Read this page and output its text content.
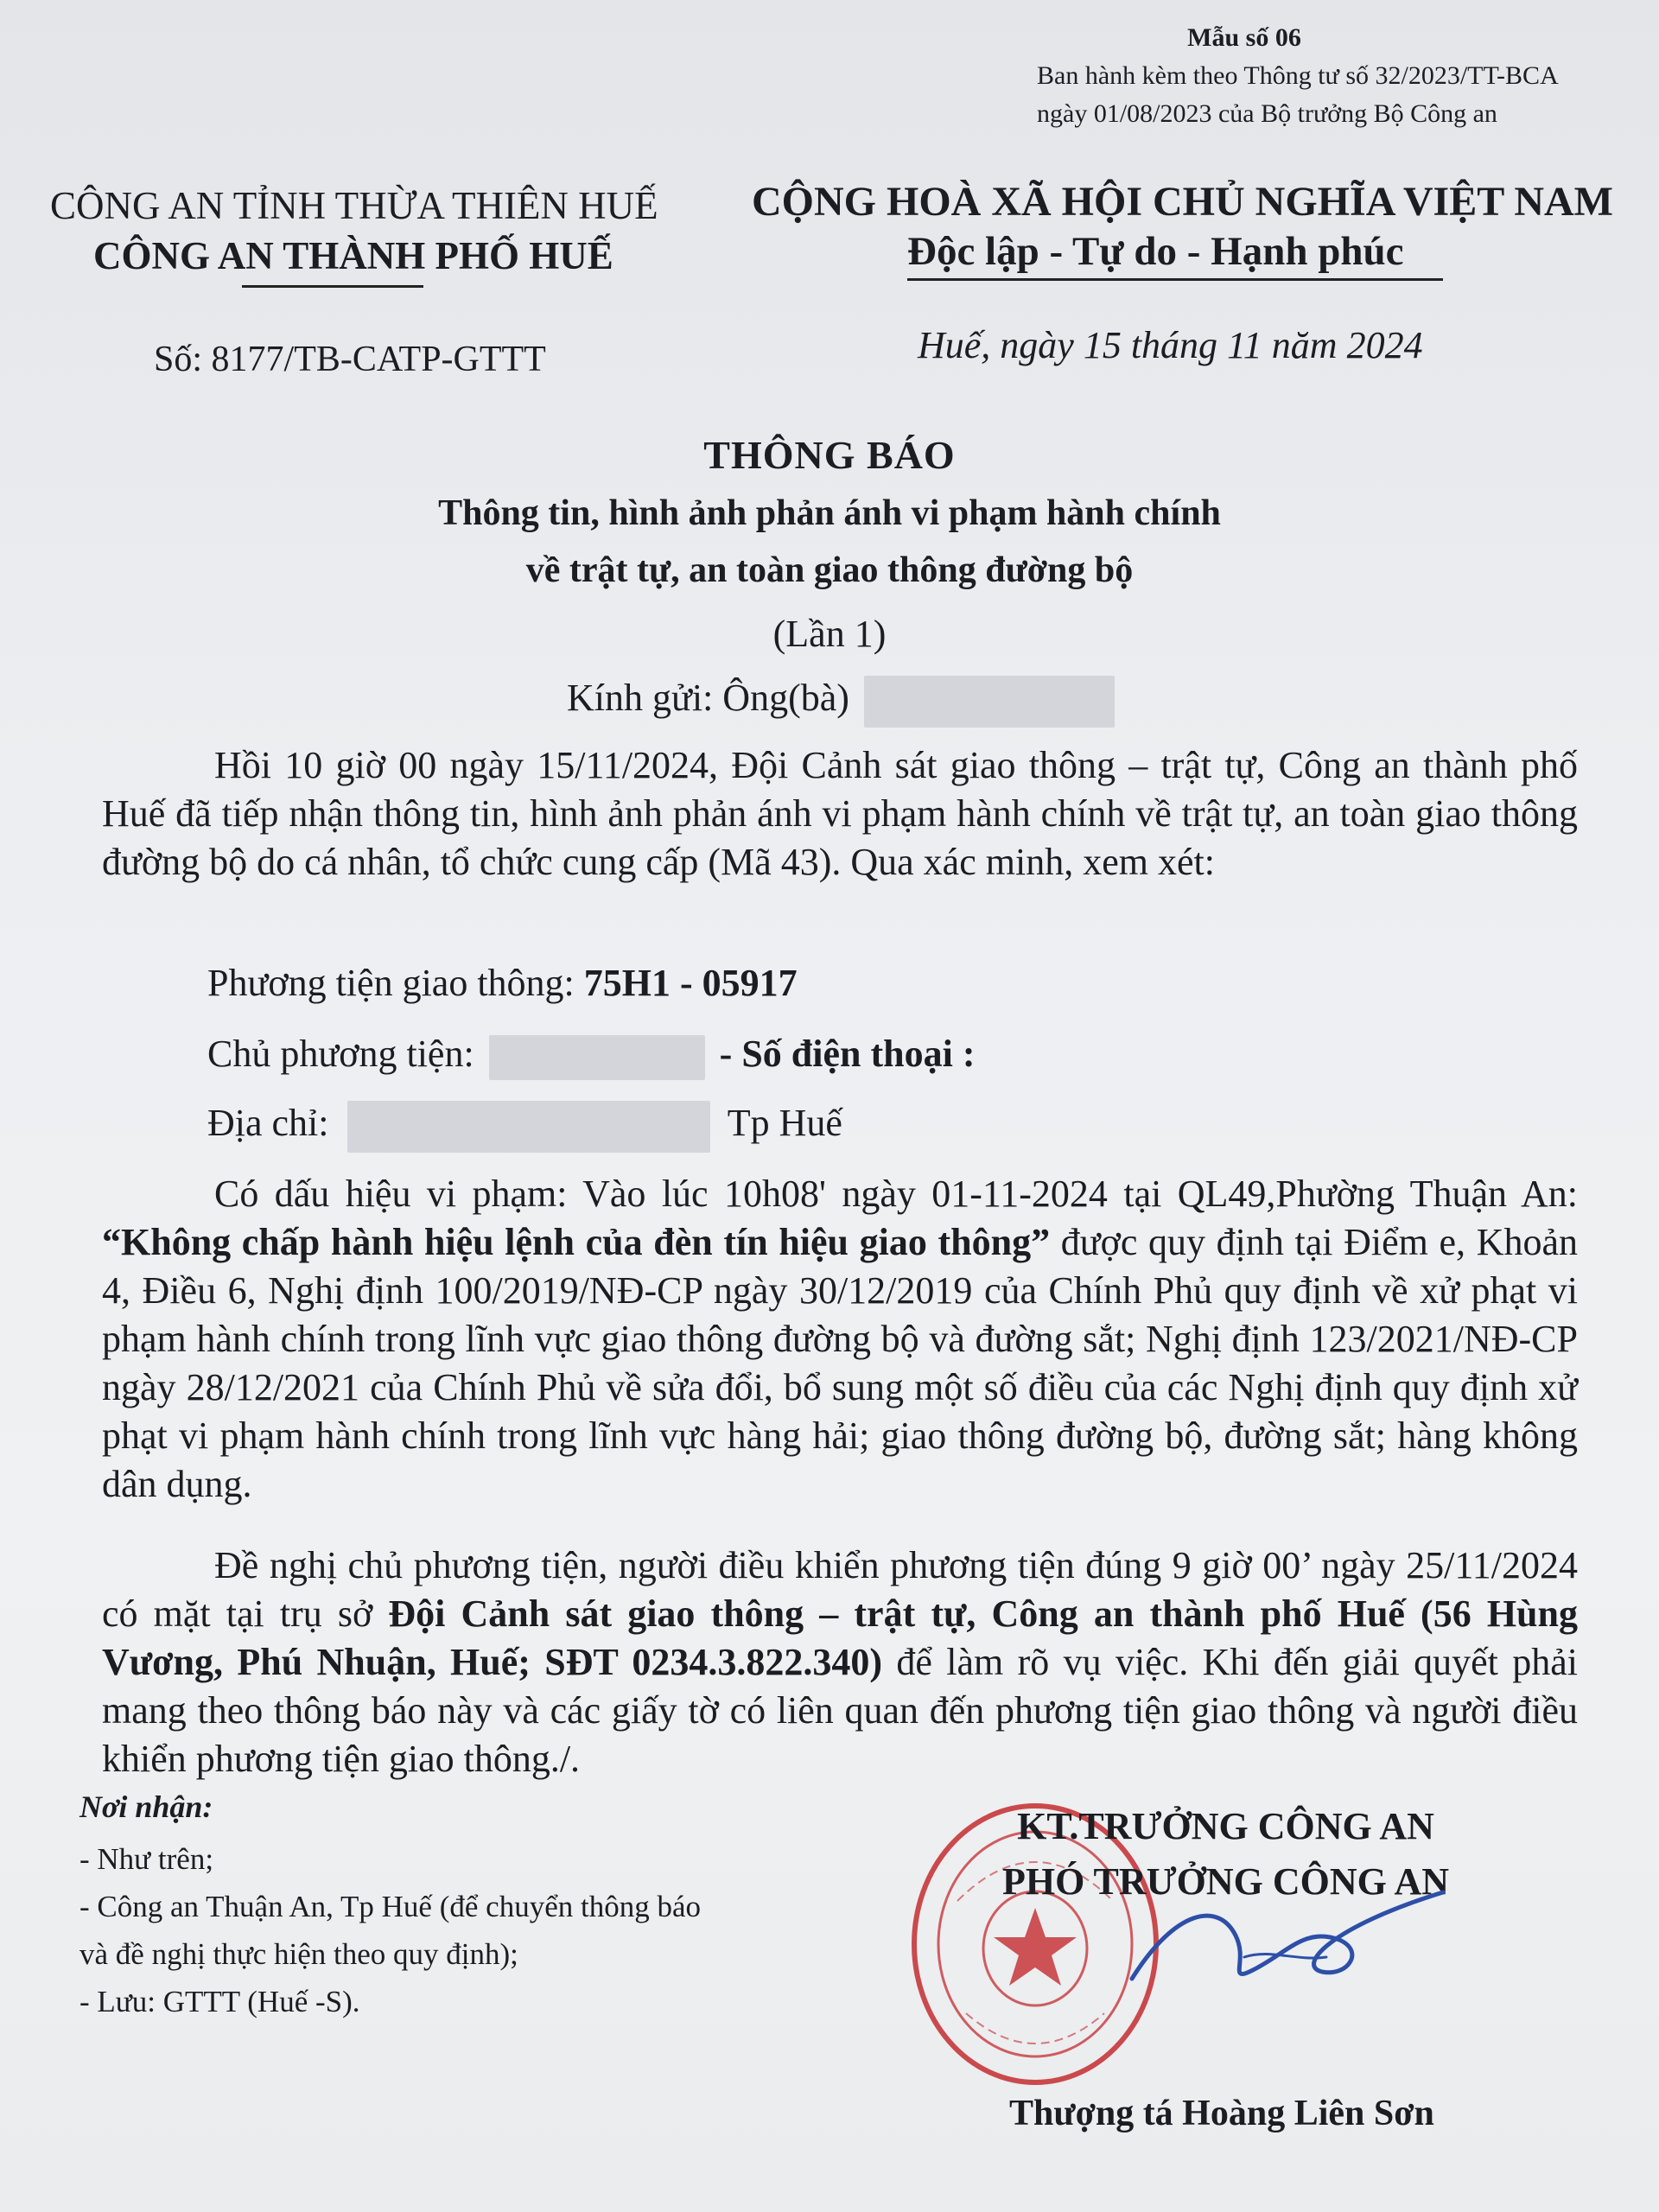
Mẫu số 06
Ban hành kèm theo Thông tư số 32/2023/TT-BCA
ngày 01/08/2023 của Bộ trưởng Bộ Công an
CÔNG AN TỈNH THỪA THIÊN HUẾ
CÔNG AN THÀNH PHỐ HUẾ
CỘNG HOÀ XÃ HỘI CHỦ NGHĨA VIỆT NAM
Độc lập - Tự do - Hạnh phúc
Số: 8177/TB-CATP-GTTT	Huế, ngày 15 tháng 11 năm 2024
THÔNG BÁO
Thông tin, hình ảnh phản ánh vi phạm hành chính
về trật tự, an toàn giao thông đường bộ
(Lần 1)
Kính gửi: Ông(bà)

Hồi 10 giờ 00 ngày 15/11/2024, Đội Cảnh sát giao thông – trật tự, Công an thành phố Huế đã tiếp nhận thông tin, hình ảnh phản ánh vi phạm hành chính về trật tự, an toàn giao thông đường bộ do cá nhân, tổ chức cung cấp (Mã 43). Qua xác minh, xem xét:

Phương tiện giao thông: 75H1 - 05917
Chủ phương tiện:	- Số điện thoại :
Địa chỉ:	Tp Huế

Có dấu hiệu vi phạm: Vào lúc 10h08' ngày 01-11-2024 tại QL49,Phường Thuận An: “Không chấp hành hiệu lệnh của đèn tín hiệu giao thông” được quy định tại Điểm e, Khoản 4, Điều 6, Nghị định 100/2019/NĐ-CP ngày 30/12/2019 của Chính Phủ quy định về xử phạt vi phạm hành chính trong lĩnh vực giao thông đường bộ và đường sắt; Nghị định 123/2021/NĐ-CP ngày 28/12/2021 của Chính Phủ về sửa đổi, bổ sung một số điều của các Nghị định quy định xử phạt vi phạm hành chính trong lĩnh vực hàng hải; giao thông đường bộ, đường sắt; hàng không dân dụng.

Đề nghị chủ phương tiện, người điều khiển phương tiện đúng 9 giờ 00’ ngày 25/11/2024 có mặt tại trụ sở Đội Cảnh sát giao thông – trật tự, Công an thành phố Huế (56 Hùng Vương, Phú Nhuận, Huế; SĐT 0234.3.822.340) để làm rõ vụ việc. Khi đến giải quyết phải mang theo thông báo này và các giấy tờ có liên quan đến phương tiện giao thông và người điều khiển phương tiện giao thông./.

Nơi nhận:
- Như trên;
- Công an Thuận An, Tp Huế (để chuyển thông báo
và đề nghị thực hiện theo quy định);
- Lưu: GTTT (Huế -S).
KT.TRƯỞNG CÔNG AN
PHÓ TRƯỞNG CÔNG AN
Thượng tá Hoàng Liên Sơn
